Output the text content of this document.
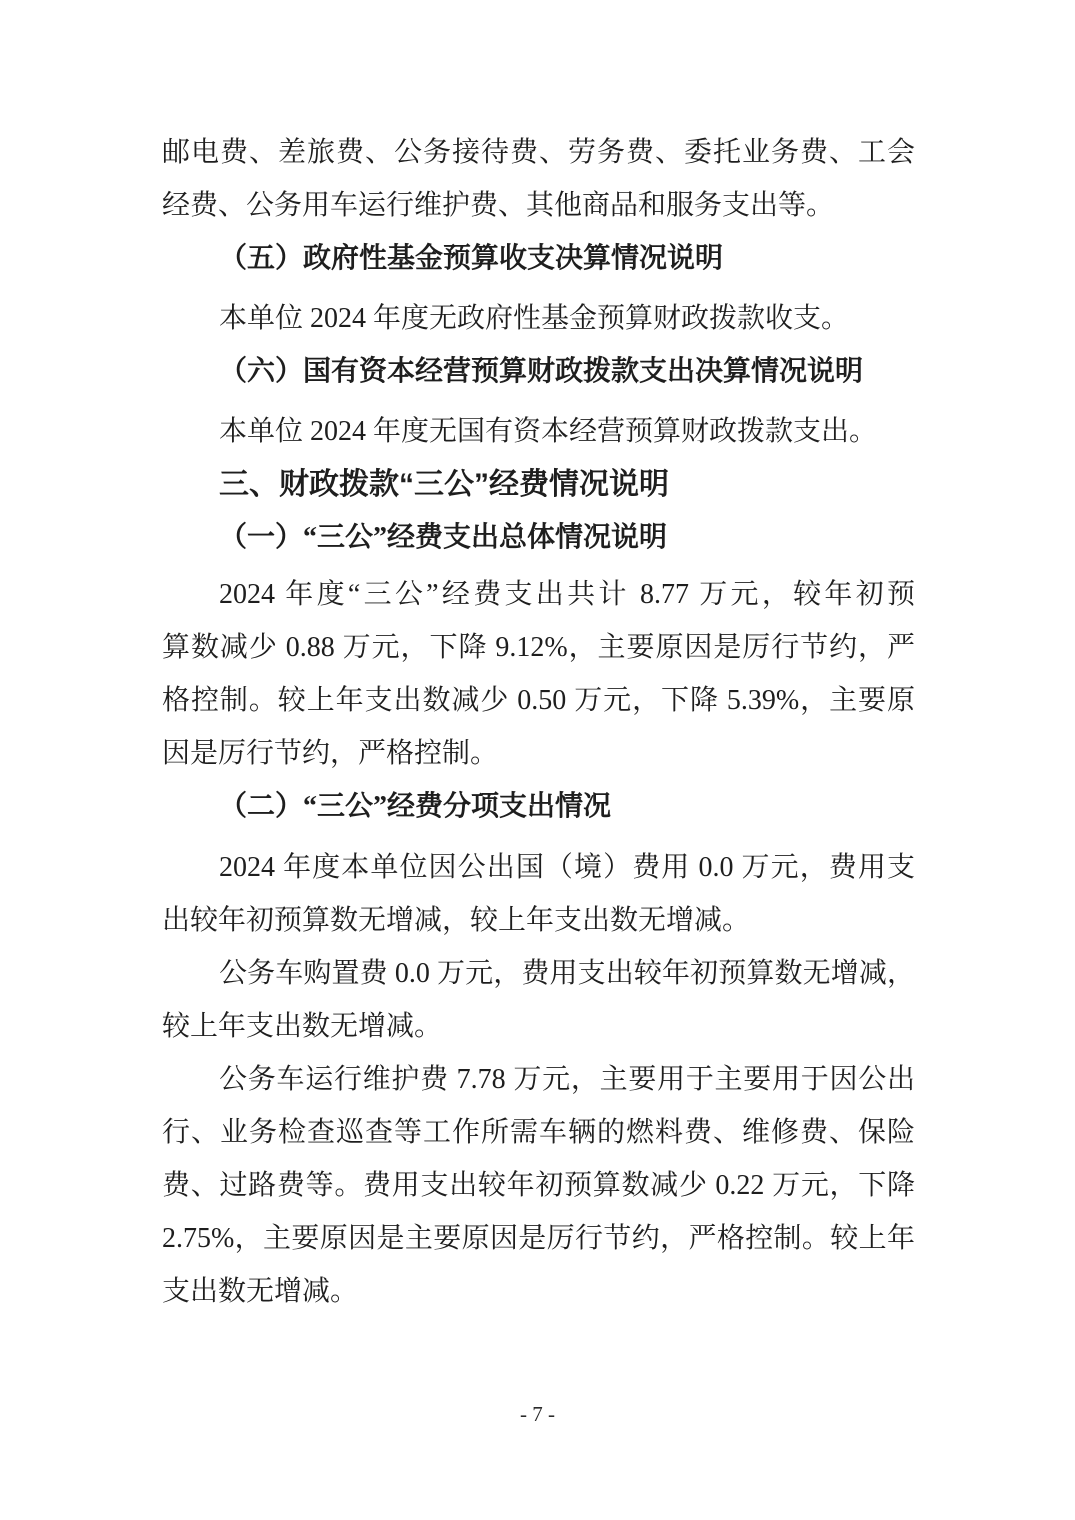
邮电费、差旅费、公务接待费、劳务费、委托业务费、工会
经费、公务用车运行维护费、其他商品和服务支出等。
（五）政府性基金预算收支决算情况说明
本单位 2024 年度无政府性基金预算财政拨款收支。
（六）国有资本经营预算财政拨款支出决算情况说明
本单位 2024 年度无国有资本经营预算财政拨款支出。
三、财政拨款“三公”经费情况说明
（一）“三公”经费支出总体情况说明
2024 年度“三公”经费支出共计 8.77 万元，较年初预
算数减少 0.88 万元，下降 9.12%，主要原因是厉行节约，严
格控制。较上年支出数减少 0.50 万元，下降 5.39%，主要原
因是厉行节约，严格控制。
（二）“三公”经费分项支出情况
2024 年度本单位因公出国（境）费用 0.0 万元，费用支
出较年初预算数无增减，较上年支出数无增减。
公务车购置费 0.0 万元，费用支出较年初预算数无增减，
较上年支出数无增减。
公务车运行维护费 7.78 万元，主要用于主要用于因公出
行、业务检查巡查等工作所需车辆的燃料费、维修费、保险
费、过路费等。费用支出较年初预算数减少 0.22 万元，下降
2.75%，主要原因是主要原因是厉行节约，严格控制。较上年
支出数无增减。
- 7 -
